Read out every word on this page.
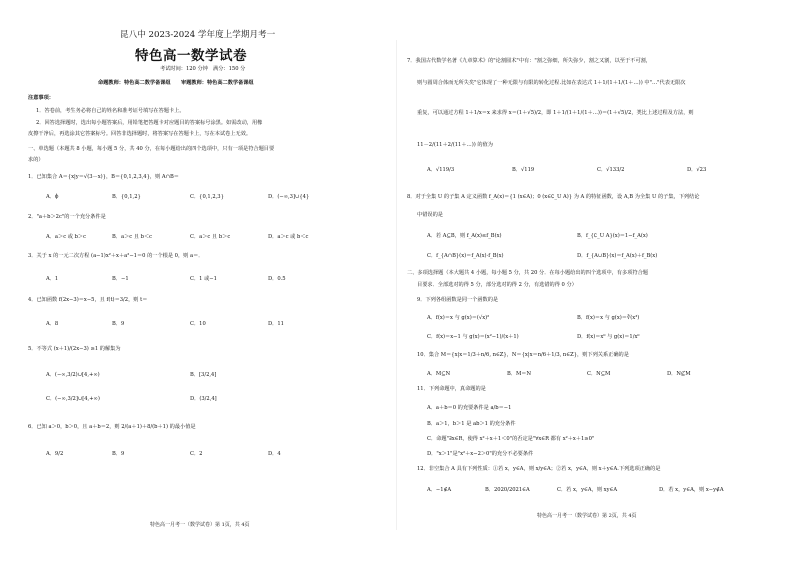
昆八中 2023-2024 学年度上学期月考一
特色高一数学试卷
考试时间：120 分钟　满分：150 分
命题教师：特色高二数学备课组　　审题教师：特色高二数学备课组
注意事项：
1．答卷前，考生务必将自己的姓名和准考证号填写在答题卡上。
2．回答选择题时，选出每小题答案后，用铅笔把答题卡对应题目的答案标号涂黑。如需改动，用橡
皮擦干净后，再选涂其它答案标号。回答非选择题时，将答案写在答题卡上，写在本试卷上无效。
一、单选题（本题共 8 小题，每小题 5 分，共 40 分，在每小题给出的四个选项中，只有一项是符合题目要
求的）
1．已知集合 A＝{x|y＝√(3－x)}，B＝{0,1,2,3,4}，则 A∩B＝
A．ϕ	B．{0,1,2}	C．{0,1,2,3}	D．(−∞,3]∪{4}
2．"a＋b＞2c"的一个充分条件是
A．a＞c 或 b＞c	B．a＞c 且 b＜c	C．a＞c 且 b＞c	D．a＞c 或 b＜c
3．关于 x 的一元二次方程 (a−1)x²＋x＋a²−1＝0 的一个根是 0，则 a＝．
A．1	B．−1	C．1 或−1	D．0.5
4．已知函数 f(2x−3)＝x−5，且 f(t)＝3/2，则 t＝
A．8	B．9	C．10	D．11
5．不等式 (x＋1)/(2x−3) ≥1 的解集为
A．(−∞,3/2)∪[4,+∞)	B．[3/2,4]
C．(−∞,3/2]∪[4,+∞)	D．(3/2,4]
6．已知 a＞0，b＞0，且 a＋b＝2，则 2/(a＋1)＋8/(b＋1) 的最小值是
A．9/2	B．9	C．2	D．4
特色高一月考一（数学试卷）第 1页，共 4页
7．我国古代数学名著《九章算术》的"论割圆术"中有："割之弥细，所失弥少，割之又割，以至于不可割，
则与圆周合体而无所失矣"它体现了一种无限与有限的转化过程.比如在表达式 1＋1/(1＋1/(1＋…)) 中"…"代表无限次
重复，可以通过方程 1＋1/x＝x 来求得 x＝(1＋√5)/2，即 1＋1/(1＋1/(1＋…))＝(1＋√5)/2，类比上述过程及方法，则
11－2/(11＋2/(11＋…)) 的值为
A．√119/3	B．√119	C．√133/2	D．√23
8．对于全集 U 的子集 A 定义函数 f_A(x)＝{1 (x∈A)；0 (x∈∁_U A)} 为 A 的特征函数，设 A,B 为全集 U 的子集，下列结论
中错误的是
A．若 A⊆B，则 f_A(x)≤f_B(x)	B．f_{∁_U A}(x)＝1−f_A(x)
C．f_{A∩B}(x)＝f_A(x)·f_B(x)	D．f_{A∪B}(x)＝f_A(x)＋f_B(x)
二、多项选择题（本大题共 4 小题，每小题 5 分，共 20 分．在每小题给出的四个选项中，有多项符合题
目要求．全部选对的得 5 分，部分选对的得 2 分，有选错的得 0 分）
9．下列各组函数是同一个函数的是
A．f(x)＝x 与 g(x)＝(√x)²	B．f(x)＝x 与 g(x)＝∛(x³)
C．f(x)＝x−1 与 g(x)＝(x²−1)/(x＋1)	D．f(x)＝x⁰ 与 g(x)＝1/x⁰
10．集合 M＝{x|x＝1/3＋n/6, n∈Z}，N＝{x|x＝n/6＋1/3, n∈Z}，则下列关系正确的是
A．M⊆N	B．M＝N	C．N⊆M	D．N⊈M
11．下列命题中，真命题的是
A．a＋b＝0 的充要条件是 a/b＝−1
B．a＞1，b＞1 是 ab＞1 的充分条件
C．命题"∃x∈R，使得 x²＋x＋1＜0"的否定是"∀x∈R 都有 x²＋x＋1≥0"
D．"x＞1"是"x²＋x−2＞0"的充分不必要条件
12．非空集合 A 具有下列性质：①若 x，y∈A，则 x/y∈A；②若 x，y∈A，则 x＋y∈A.下列选项正确的是
A．−1∉A	B．2020/2021∈A	C．若 x，y∈A，则 xy∈A	D．若 x，y∈A，则 x−y∉A
特色高一月考一（数学试卷）第 2页，共 4页
